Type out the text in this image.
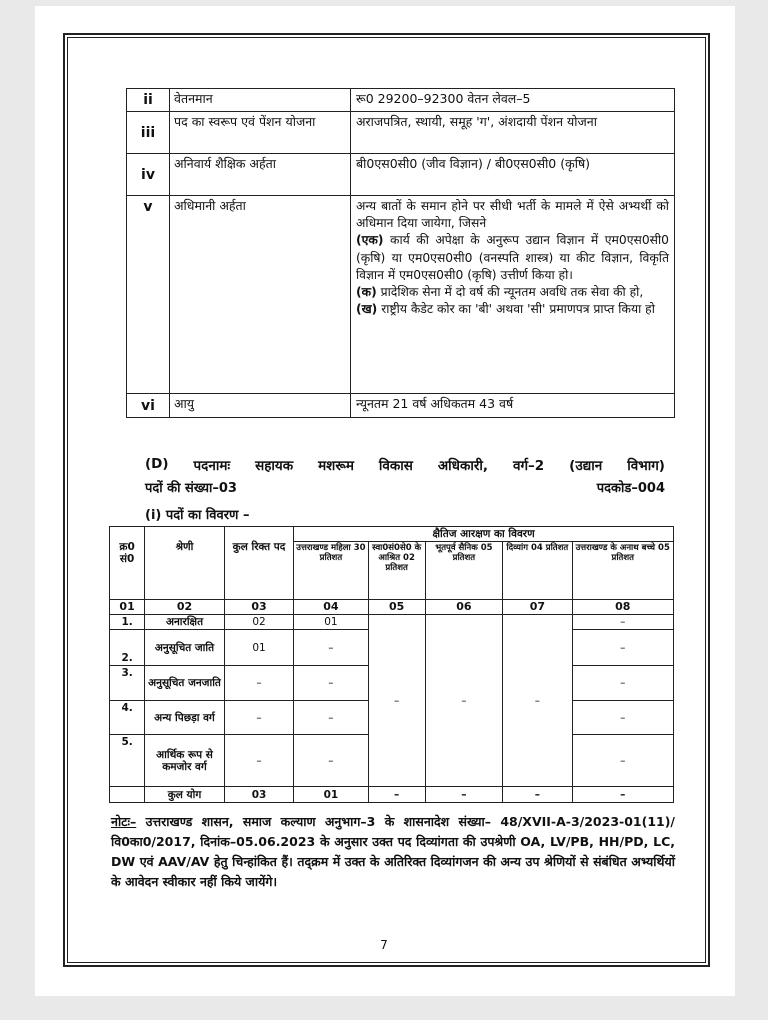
ii	वेतनमान	रू0 29200–92300 वेतन लेवल–5
iii	पद का स्वरूप एवं पेंशन योजना	अराजपत्रित, स्थायी, समूह 'ग', अंशदायी पेंशन योजना
iv	अनिवार्य शैक्षिक अर्हता	बी0एस0सी0 (जीव विज्ञान) / बी0एस0सी0 (कृषि)
v	अधिमानी अर्हता	अन्य बातों के समान होने पर सीधी भर्ती के मामले में ऐसे अभ्यर्थी को अधिमान दिया जायेगा, जिसने
(एक) कार्य की अपेक्षा के अनुरूप उद्यान विज्ञान में एम0एस0सी0 (कृषि) या एम0एस0सी0 (वनस्पति शास्त्र) या कीट विज्ञान, विकृति विज्ञान में एम0एस0सी0 (कृषि) उत्तीर्ण किया हो।
(क) प्रादेशिक सेना में दो वर्ष की न्यूनतम अवधि तक सेवा की हो,
(ख) राष्ट्रीय कैडेट कोर का 'बी' अथवा 'सी' प्रमाणपत्र प्राप्त किया हो
vi	आयु	न्यूनतम 21 वर्ष अधिकतम 43 वर्ष
(D) पदनामः सहायक मशरूम विकास अधिकारी, वर्ग–2 (उद्यान विभाग)
पदों की संख्या–03	पदकोड–004
(i) पदों का विवरण –
क्र0 सं0	श्रेणी	कुल रिक्त पद	क्षैतिज आरक्षण का विवरण				
			उत्तराखण्ड महिला 30 प्रतिशत	स्वा0सं0से0 के आश्रित 02 प्रतिशत	भूतपूर्व सैनिक 05 प्रतिशत	दिव्यांग 04 प्रतिशत	उत्तराखण्ड के अनाथ बच्चे 05 प्रतिशत
01	02	03	04	05	06	07	08
1.	अनारक्षित	02	01	–	–	–	–
2.	अनुसूचित जाति	01	–				–
3.	अनुसूचित जनजाति	–	–				–
4.	अन्य पिछड़ा वर्ग	–	–				–
5.	आर्थिक रूप से कमजोर वर्ग	–	–				–
	कुल योग	03	01	–	–	–	–
नोटः– उत्तराखण्ड शासन, समाज कल्याण अनुभाग–3 के शासनादेश संख्या– 48/XVII-A-3/2023-01(11)/वि0का0/2017, दिनांक–05.06.2023 के अनुसार उक्त पद दिव्यांगता की उपश्रेणी OA, LV/PB, HH/PD, LC, DW एवं AAV/AV हेतु चिन्हांकित हैं। तद्क्रम में उक्त के अतिरिक्त दिव्यांगजन की अन्य उप श्रेणियों से संबंधित अभ्यर्थियों के आवेदन स्वीकार नहीं किये जायेंगे।
7
